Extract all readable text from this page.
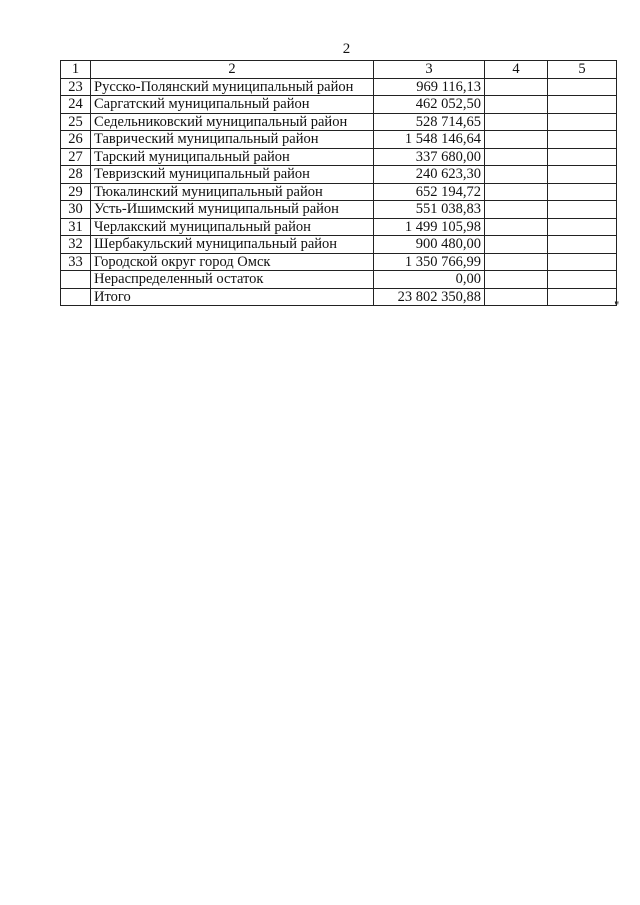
2
1	2	3	4	5
23	Русско-Полянский муниципальный район	969 116,13		
24	Саргатский муниципальный район	462 052,50		
25	Седельниковский муниципальный район	528 714,65		
26	Таврический муниципальный район	1 548 146,64		
27	Тарский муниципальный район	337 680,00		
28	Тевризский муниципальный район	240 623,30		
29	Тюкалинский муниципальный район	652 194,72		
30	Усть-Ишимский муниципальный район	551 038,83		
31	Черлакский муниципальный район	1 499 105,98		
32	Шербакульский муниципальный район	900 480,00		
33	Городской округ город Омск	1 350 766,99		
	Нераспределенный остаток	0,00		
	Итого	23 802 350,88		
"
